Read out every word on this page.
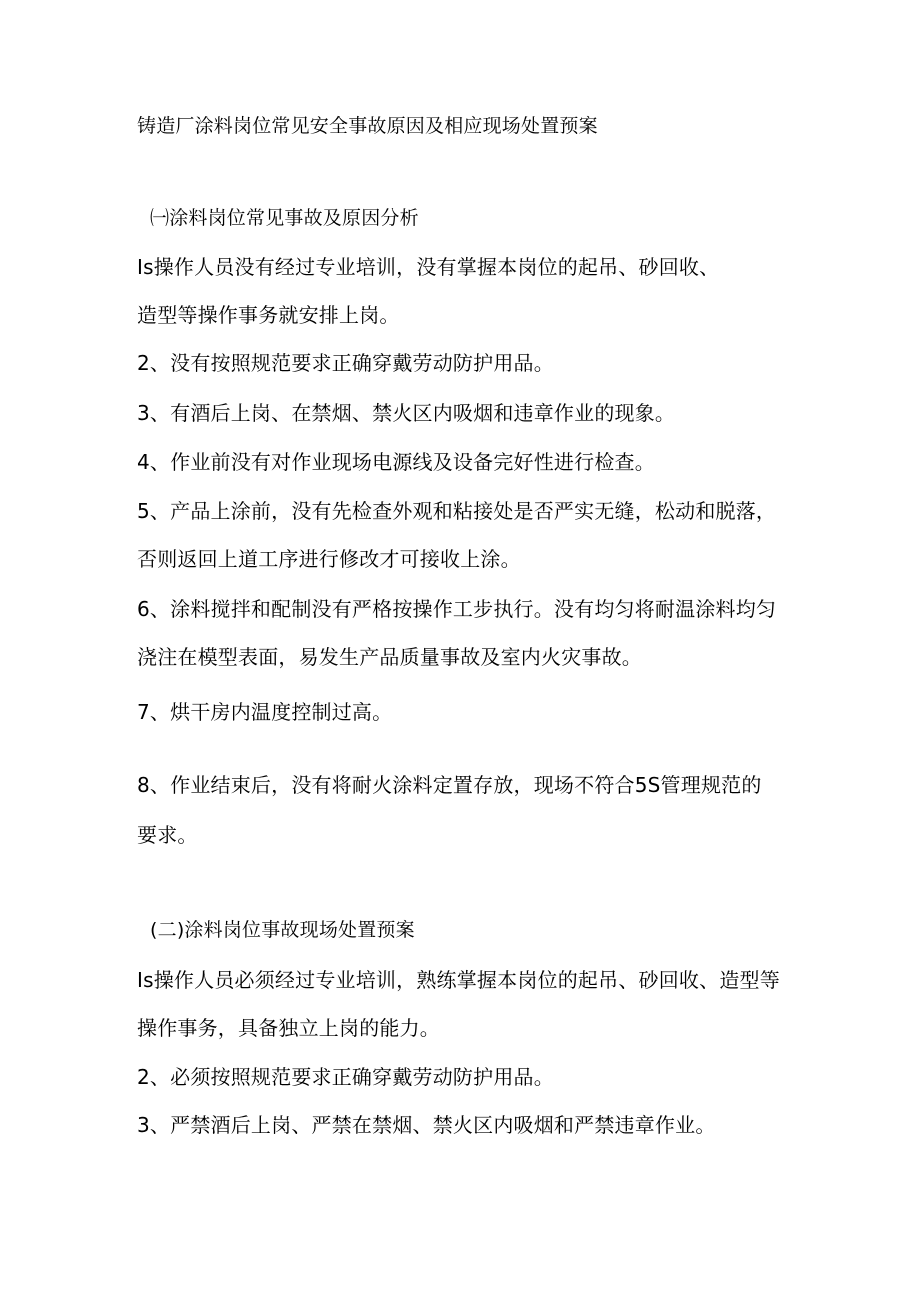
铸造厂涂料岗位常见安全事故原因及相应现场处置预案
㈠涂料岗位常见事故及原因分析
Is操作人员没有经过专业培训，没有掌握本岗位的起吊、砂回收、
造型等操作事务就安排上岗。
2、没有按照规范要求正确穿戴劳动防护用品。
3、有酒后上岗、在禁烟、禁火区内吸烟和违章作业的现象。
4、作业前没有对作业现场电源线及设备完好性进行检查。
5、产品上涂前，没有先检查外观和粘接处是否严实无缝，松动和脱落，
否则返回上道工序进行修改才可接收上涂。
6、涂料搅拌和配制没有严格按操作工步执行。没有均匀将耐温涂料均匀
浇注在模型表面，易发生产品质量事故及室内火灾事故。
7、烘干房内温度控制过高。
8、作业结束后，没有将耐火涂料定置存放，现场不符合5S管理规范的
要求。
(二)涂料岗位事故现场处置预案
Is操作人员必须经过专业培训，熟练掌握本岗位的起吊、砂回收、造型等
操作事务，具备独立上岗的能力。
2、必须按照规范要求正确穿戴劳动防护用品。
3、严禁酒后上岗、严禁在禁烟、禁火区内吸烟和严禁违章作业。
